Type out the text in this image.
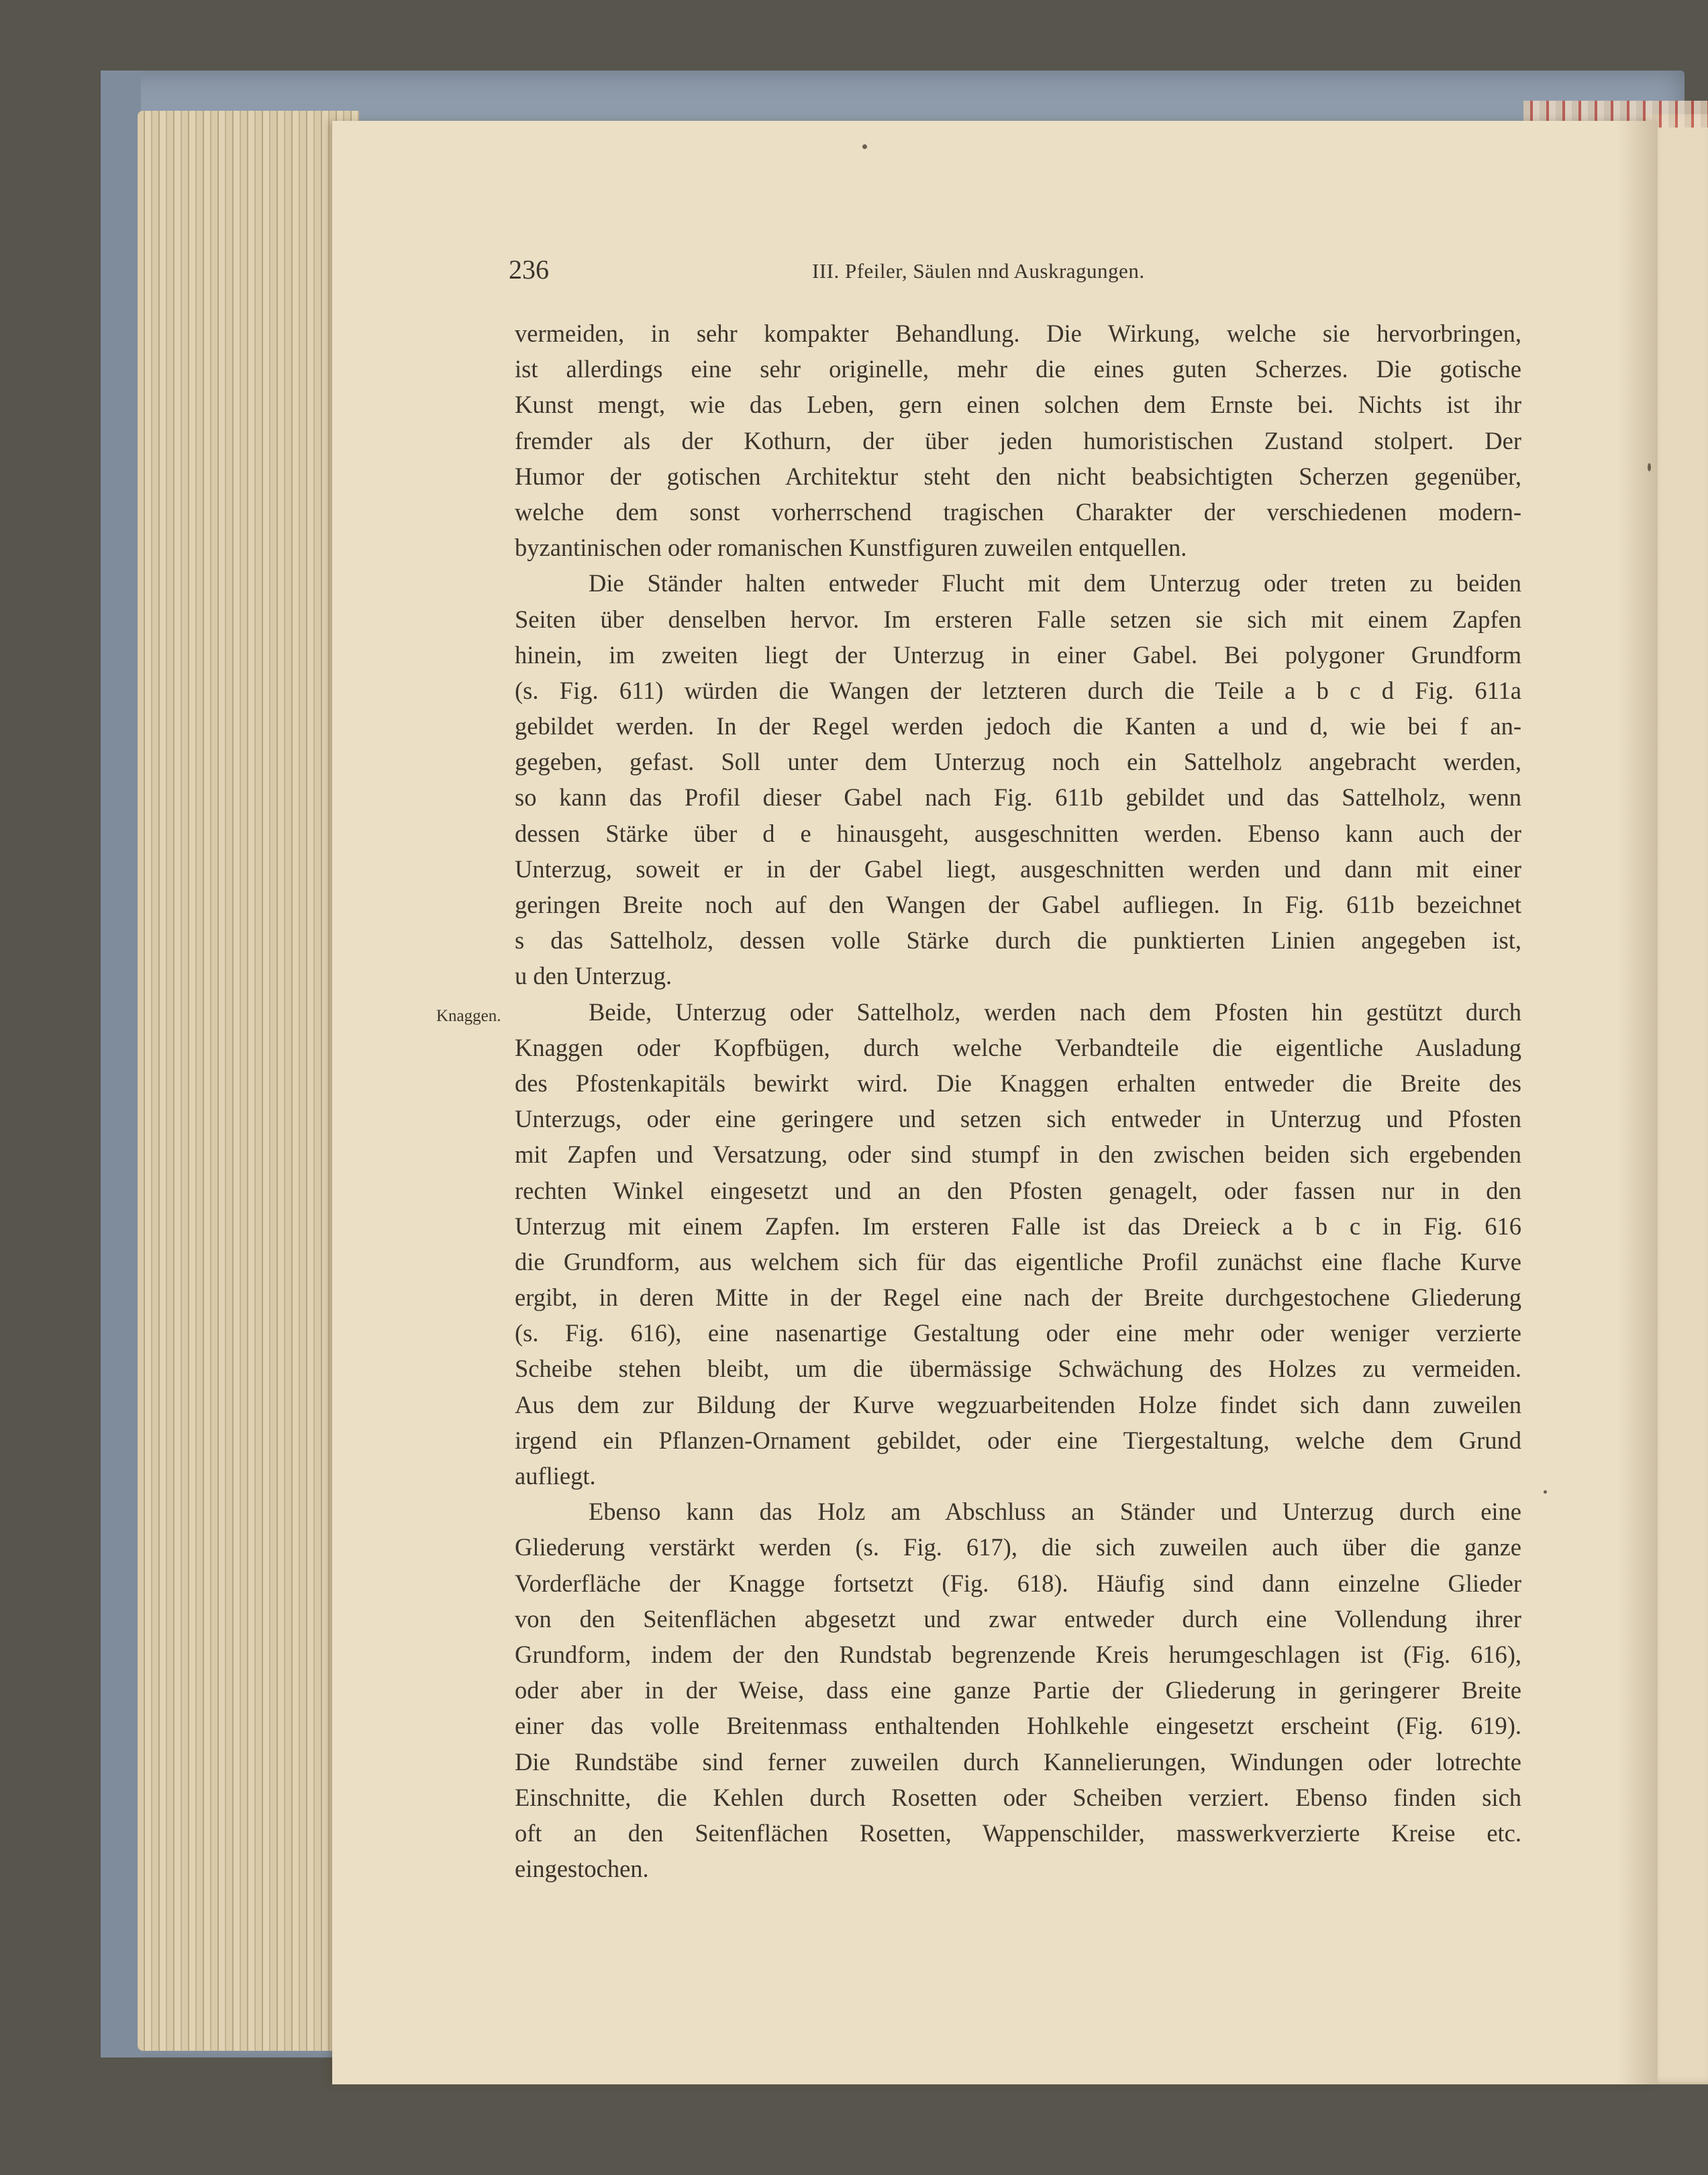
236	III. Pfeiler, Säulen nnd Auskragungen.
Knaggen.
vermeiden, in sehr kompakter Behandlung. Die Wirkung, welche sie hervorbringen,
ist allerdings eine sehr originelle, mehr die eines guten Scherzes. Die gotische
Kunst mengt, wie das Leben, gern einen solchen dem Ernste bei. Nichts ist ihr
fremder als der Kothurn, der über jeden humoristischen Zustand stolpert. Der
Humor der gotischen Architektur steht den nicht beabsichtigten Scherzen gegenüber,
welche dem sonst vorherrschend tragischen Charakter der verschiedenen modern-
byzantinischen oder romanischen Kunstfiguren zuweilen entquellen.
Die Ständer halten entweder Flucht mit dem Unterzug oder treten zu beiden
Seiten über denselben hervor. Im ersteren Falle setzen sie sich mit einem Zapfen
hinein, im zweiten liegt der Unterzug in einer Gabel. Bei polygoner Grundform
(s. Fig. 611) würden die Wangen der letzteren durch die Teile a b c d Fig. 611a
gebildet werden. In der Regel werden jedoch die Kanten a und d, wie bei f an-
gegeben, gefast. Soll unter dem Unterzug noch ein Sattelholz angebracht werden,
so kann das Profil dieser Gabel nach Fig. 611b gebildet und das Sattelholz, wenn
dessen Stärke über d e hinausgeht, ausgeschnitten werden. Ebenso kann auch der
Unterzug, soweit er in der Gabel liegt, ausgeschnitten werden und dann mit einer
geringen Breite noch auf den Wangen der Gabel aufliegen. In Fig. 611b bezeichnet
s das Sattelholz, dessen volle Stärke durch die punktierten Linien angegeben ist,
u den Unterzug.
Beide, Unterzug oder Sattelholz, werden nach dem Pfosten hin gestützt durch
Knaggen oder Kopfbügen, durch welche Verbandteile die eigentliche Ausladung
des Pfostenkapitäls bewirkt wird. Die Knaggen erhalten entweder die Breite des
Unterzugs, oder eine geringere und setzen sich entweder in Unterzug und Pfosten
mit Zapfen und Versatzung, oder sind stumpf in den zwischen beiden sich ergebenden
rechten Winkel eingesetzt und an den Pfosten genagelt, oder fassen nur in den
Unterzug mit einem Zapfen. Im ersteren Falle ist das Dreieck a b c in Fig. 616
die Grundform, aus welchem sich für das eigentliche Profil zunächst eine flache Kurve
ergibt, in deren Mitte in der Regel eine nach der Breite durchgestochene Gliederung
(s. Fig. 616), eine nasenartige Gestaltung oder eine mehr oder weniger verzierte
Scheibe stehen bleibt, um die übermässige Schwächung des Holzes zu vermeiden.
Aus dem zur Bildung der Kurve wegzuarbeitenden Holze findet sich dann zuweilen
irgend ein Pflanzen-Ornament gebildet, oder eine Tiergestaltung, welche dem Grund
aufliegt.
Ebenso kann das Holz am Abschluss an Ständer und Unterzug durch eine
Gliederung verstärkt werden (s. Fig. 617), die sich zuweilen auch über die ganze
Vorderfläche der Knagge fortsetzt (Fig. 618). Häufig sind dann einzelne Glieder
von den Seitenflächen abgesetzt und zwar entweder durch eine Vollendung ihrer
Grundform, indem der den Rundstab begrenzende Kreis herumgeschlagen ist (Fig. 616),
oder aber in der Weise, dass eine ganze Partie der Gliederung in geringerer Breite
einer das volle Breitenmass enthaltenden Hohlkehle eingesetzt erscheint (Fig. 619).
Die Rundstäbe sind ferner zuweilen durch Kannelierungen, Windungen oder lotrechte
Einschnitte, die Kehlen durch Rosetten oder Scheiben verziert. Ebenso finden sich
oft an den Seitenflächen Rosetten, Wappenschilder, masswerkverzierte Kreise etc.
eingestochen.
